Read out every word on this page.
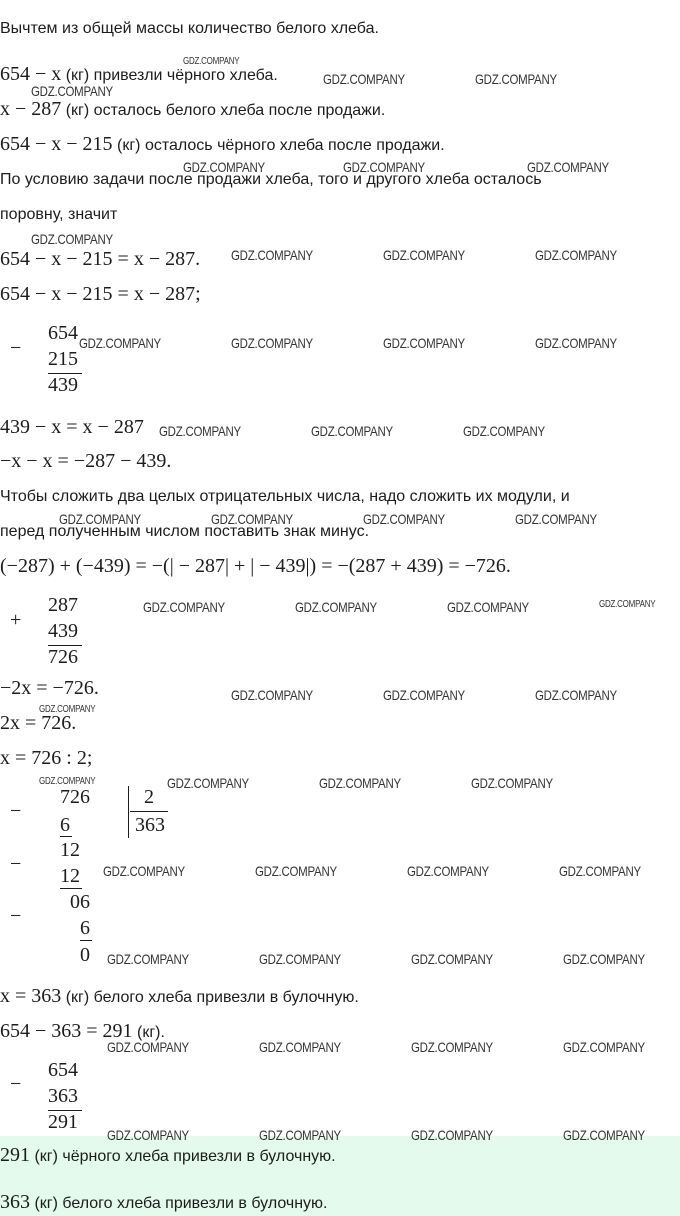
Вычтем из общей массы количество белого хлеба.
654 − x (кг) привезли чёрного хлеба.
x − 287 (кг) осталось белого хлеба после продажи.
654 − x − 215 (кг) осталось чёрного хлеба после продажи.
По условию задачи после продажи хлеба, того и другого хлеба осталось
поровну, значит
654 − x − 215 = x − 287.
654 − x − 215 = x − 287;
−
654
215
439
439 − x = x − 287
−x − x = −287 − 439.
Чтобы сложить два целых отрицательных числа, надо сложить их модули, и
перед полученным числом поставить знак минус.
(−287) + (−439) = −(| − 287| + | − 439|) = −(287 + 439) = −726.
+
287
439
726
−2x = −726.
2x = 726.
x = 726 : 2;
−
726	2
363
6
−
12
12
−
06
6
0
x = 363 (кг) белого хлеба привезли в булочную.
654 − 363 = 291 (кг).
−
654
363
291
291 (кг) чёрного хлеба привезли в булочную.
363 (кг) белого хлеба привезли в булочную.
GDZ.COMPANY
GDZ.COMPANY	GDZ.COMPANY
GDZ.COMPANY
GDZ.COMPANY	GDZ.COMPANY	GDZ.COMPANY
GDZ.COMPANY
GDZ.COMPANY	GDZ.COMPANY	GDZ.COMPANY
GDZ.COMPANY	GDZ.COMPANY	GDZ.COMPANY	GDZ.COMPANY
GDZ.COMPANY	GDZ.COMPANY	GDZ.COMPANY
GDZ.COMPANY	GDZ.COMPANY	GDZ.COMPANY	GDZ.COMPANY
GDZ.COMPANY	GDZ.COMPANY	GDZ.COMPANY	GDZ.COMPANY
GDZ.COMPANY	GDZ.COMPANY	GDZ.COMPANY
GDZ.COMPANY
GDZ.COMPANY	GDZ.COMPANY	GDZ.COMPANY	GDZ.COMPANY
GDZ.COMPANY	GDZ.COMPANY	GDZ.COMPANY	GDZ.COMPANY
GDZ.COMPANY	GDZ.COMPANY	GDZ.COMPANY	GDZ.COMPANY
GDZ.COMPANY	GDZ.COMPANY	GDZ.COMPANY	GDZ.COMPANY
GDZ.COMPANY	GDZ.COMPANY	GDZ.COMPANY	GDZ.COMPANY
